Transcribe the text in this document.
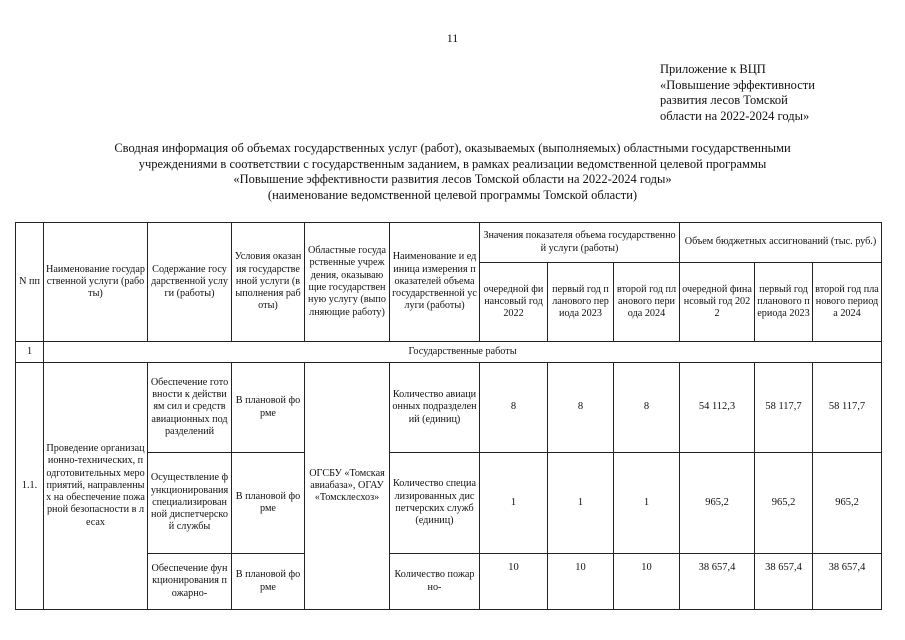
11
Приложение к ВЦП
«Повышение эффективности
развития лесов Томской
области на 2022-2024 годы»
Сводная информация об объемах государственных услуг (работ), оказываемых (выполняемых) областными государственными
учреждениями в соответствии с государственным заданием, в рамках реализации ведомственной целевой программы
«Повышение эффективности развития лесов Томской области на 2022-2024 годы»
(наименование ведомственной целевой программы Томской области)
N пп	Наименование государственной услуги (работы)	Содержание государственной услуги (работы)	Условия оказания государственной услуги (выполнения работы)	Областные государственные учреждения, оказывающие государственную услугу (выполняющие работу)	Наименование и единица измерения показателей объема государственной услуги (работы)	Значения показателя объема государственной услуги (работы)			Объем бюджетных ассигнований (тыс. руб.)		
						очередной финансовый год 2022	первый год планового периода 2023	второй год планового периода 2024	очередной финансовый год 2022	первый год планового периода 2023	второй год планового периода 2024
1	Государственные работы										
1.1.	Проведение организационно-технических, подготовительных мероприятий, направленных на обеспечение пожарной безопасности в лесах	Обеспечение готовности к действиям сил и средств авиационных подразделений	В плановой форме	ОГСБУ «Томская авиабаза», ОГАУ «Томсклесхоз»	Количество авиационных подразделений (единиц)	8	8	8	54 112,3	58 117,7	58 117,7
		Осуществление функционирования специализированной диспетчерской службы	В плановой форме		Количество специализированных диспетчерских служб (единиц)	1	1	1	965,2	965,2	965,2
		Обеспечение функционирования пожарно-	В плановой форме		Количество пожарно-	10	10	10	38 657,4	38 657,4	38 657,4
